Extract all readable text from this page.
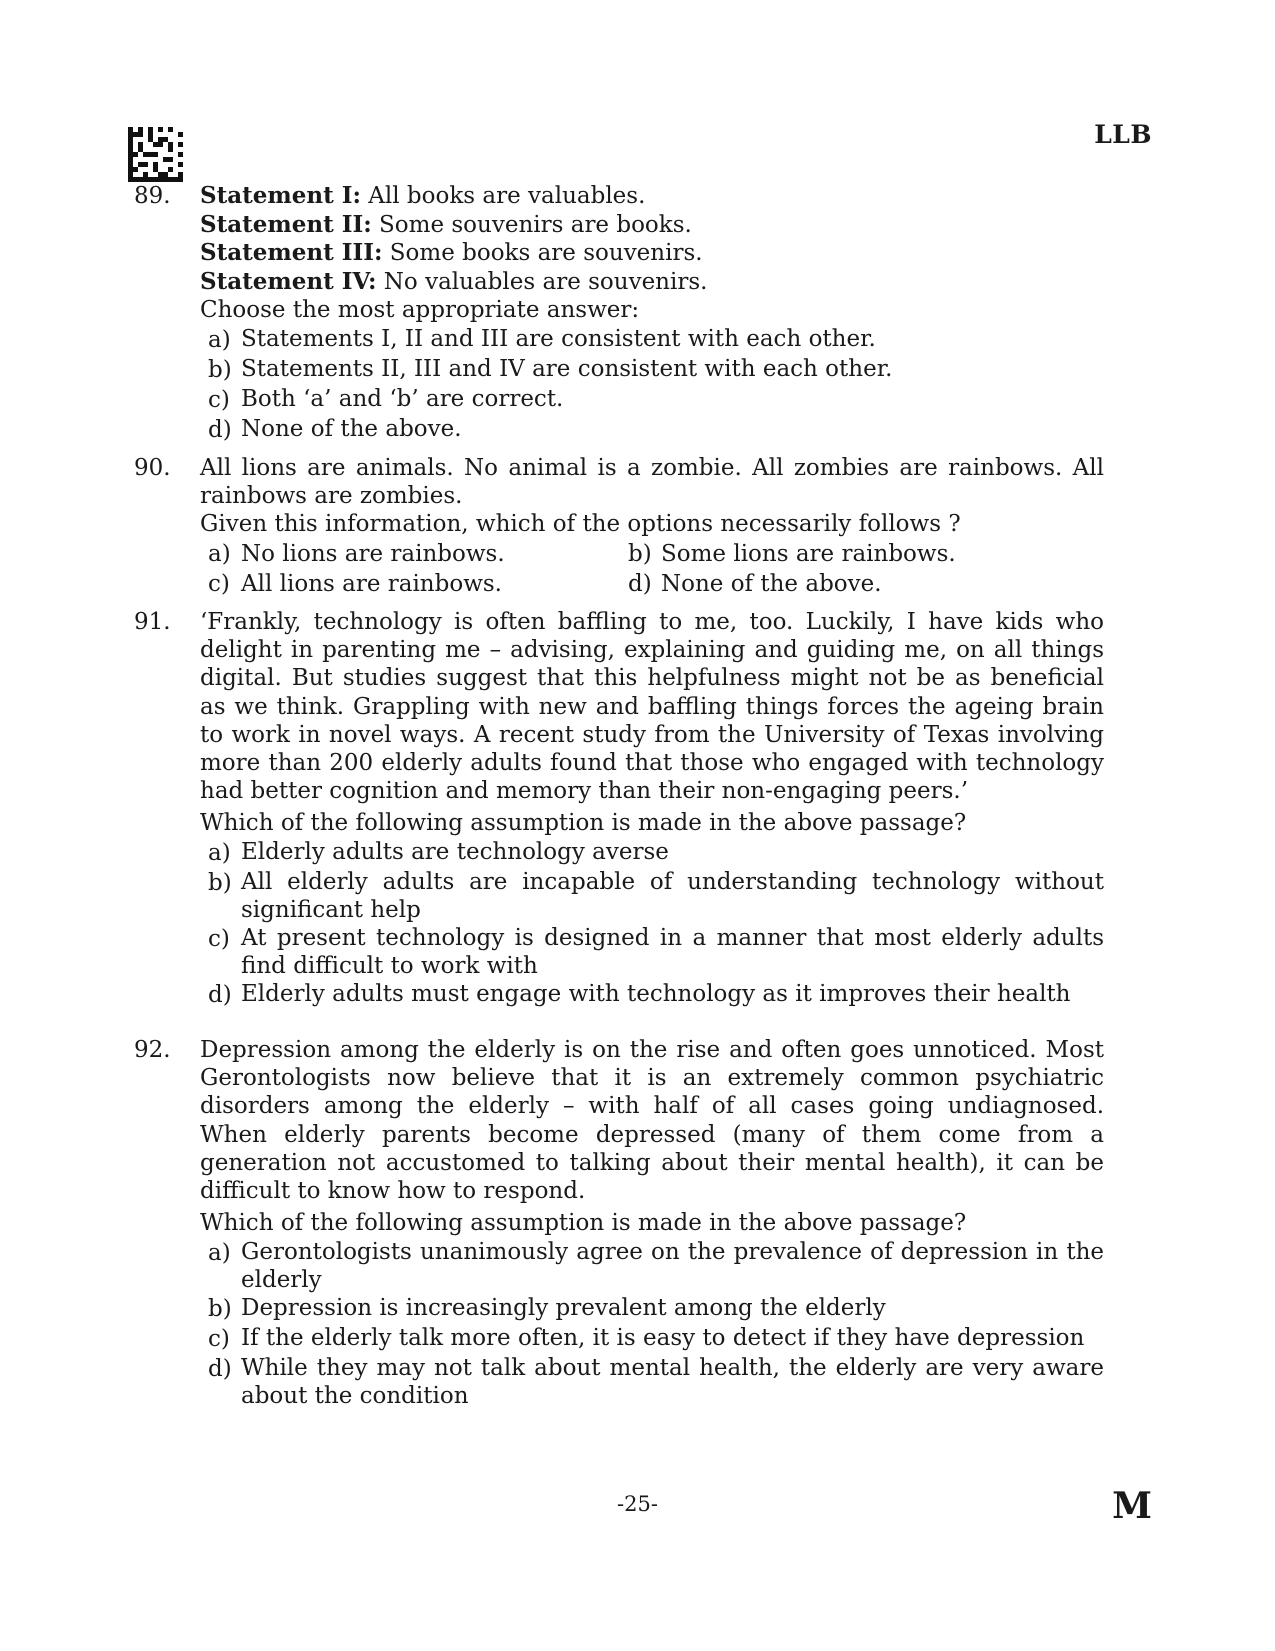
LLB
89.	Statement I: All books are valuables.
Statement II: Some souvenirs are books.
Statement III: Some books are souvenirs.
Statement IV: No valuables are souvenirs.
Choose the most appropriate answer:
a) Statements I, II and III are consistent with each other.
b) Statements II, III and IV are consistent with each other.
c) Both ‘a’ and ‘b’ are correct.
d) None of the above.
90.	All lions are animals. No animal is a zombie. All zombies are rainbows. All rainbows are zombies.
Given this information, which of the options necessarily follows ?
a) No lions are rainbows.	b) Some lions are rainbows.
c) All lions are rainbows.	d) None of the above.
91.	‘Frankly, technology is often baffling to me, too. Luckily, I have kids who delight in parenting me – advising, explaining and guiding me, on all things digital. But studies suggest that this helpfulness might not be as beneficial as we think. Grappling with new and baffling things forces the ageing brain to work in novel ways. A recent study from the University of Texas involving more than 200 elderly adults found that those who engaged with technology had better cognition and memory than their non-engaging peers.’
Which of the following assumption is made in the above passage?
a) Elderly adults are technology averse
b) All elderly adults are incapable of understanding technology without significant help
c) At present technology is designed in a manner that most elderly adults find difficult to work with
d) Elderly adults must engage with technology as it improves their health
92.	Depression among the elderly is on the rise and often goes unnoticed. Most Gerontologists now believe that it is an extremely common psychiatric disorders among the elderly – with half of all cases going undiagnosed. When elderly parents become depressed (many of them come from a generation not accustomed to talking about their mental health), it can be difficult to know how to respond.
Which of the following assumption is made in the above passage?
a) Gerontologists unanimously agree on the prevalence of depression in the elderly
b) Depression is increasingly prevalent among the elderly
c) If the elderly talk more often, it is easy to detect if they have depression
d) While they may not talk about mental health, the elderly are very aware about the condition
-25-	M
